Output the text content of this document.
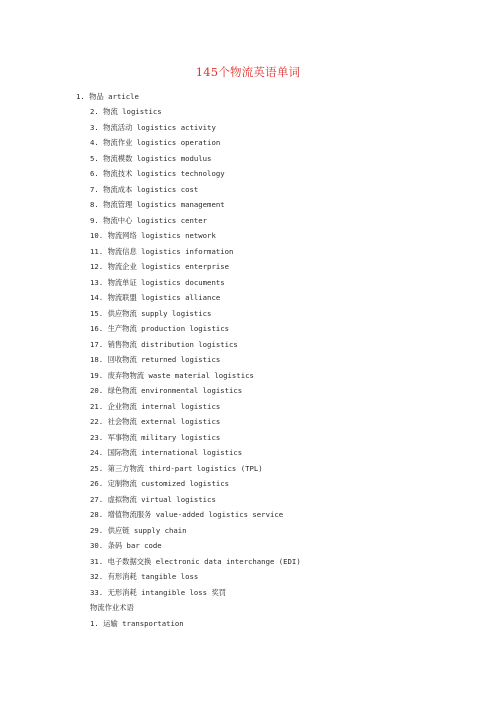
145个物流英语单词
1. 物品 article
2. 物流 logistics
3. 物流活动 logistics activity
4. 物流作业 logistics operation
5. 物流模数 logistics modulus
6. 物流技术 logistics technology
7. 物流成本 logistics cost
8. 物流管理 logistics management
9. 物流中心 logistics center
10. 物流网络 logistics network
11. 物流信息 logistics information
12. 物流企业 logistics enterprise
13. 物流单证 logistics documents
14. 物流联盟 logistics alliance
15. 供应物流 supply logistics
16. 生产物流 production logistics
17. 销售物流 distribution logistics
18. 回收物流 returned logistics
19. 废弃物物流 waste material logistics
20. 绿色物流 environmental logistics
21. 企业物流 internal logistics
22. 社会物流 external logistics
23. 军事物流 military logistics
24. 国际物流 international logistics
25. 第三方物流 third-part logistics (TPL)
26. 定制物流 customized logistics
27. 虚拟物流 virtual logistics
28. 增值物流服务 value-added logistics service
29. 供应链 supply chain
30. 条码 bar code
31. 电子数据交换 electronic data interchange (EDI)
32. 有形消耗 tangible loss
33. 无形消耗 intangible loss 奖罚
物流作业术语
1. 运输 transportation
